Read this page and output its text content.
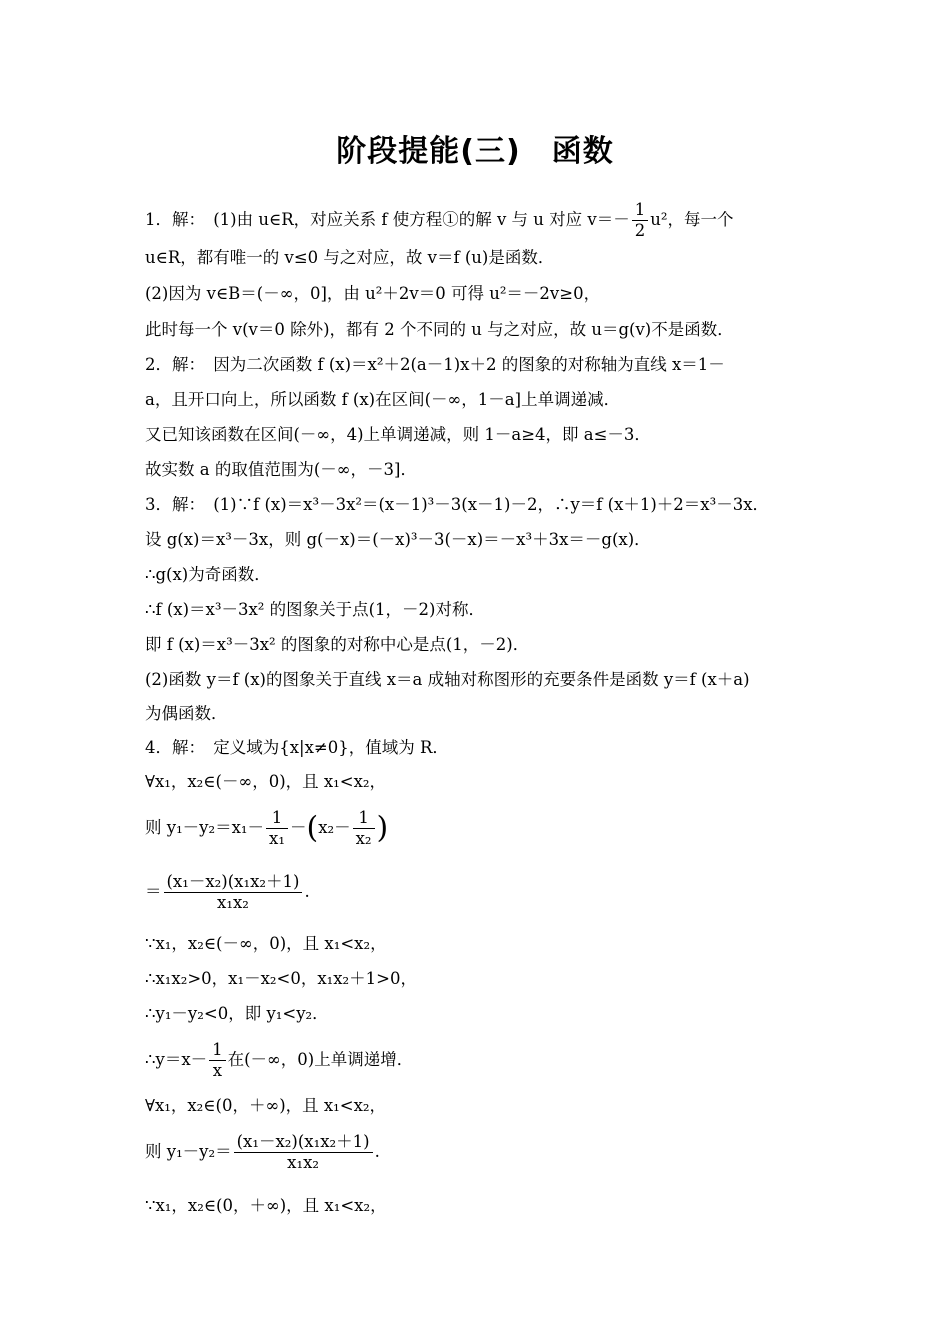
阶段提能(三)　函数
1．解：　(1)由 u∈R，对应关系 f 使方程①的解 v 与 u 对应 $v=- \frac{1}{2} u^2$，每一个
u∈R，都有唯一的 v≤0 与之对应，故 v＝f (u)是函数．
(2)因为 v∈B＝(－∞，0]，由 u²＋2v＝0 可得 u²＝－2v≥0，
此时每一个 v(v＝0 除外)，都有 2 个不同的 u 与之对应，故 u＝g(v)不是函数．
2．解：　因为二次函数 f (x)＝x²＋2(a－1)x＋2 的图象的对称轴为直线 x＝1－
a，且开口向上，所以函数 f (x)在区间(－∞，1－a]上单调递减．
又已知该函数在区间(－∞，4)上单调递减，则 1－a≥4，即 a≤－3．
故实数 a 的取值范围为(－∞，－3]．
3．解：　(1)∵f (x)＝x³－3x²＝(x－1)³－3(x－1)－2，∴y＝f (x＋1)＋2＝x³－3x．
设 g(x)＝x³－3x，则 g(－x)＝(－x)³－3(－x)＝－x³＋3x＝－g(x)．
∴g(x)为奇函数．
∴f (x)＝x³－3x² 的图象关于点(1，－2)对称．
即 f (x)＝x³－3x² 的图象的对称中心是点(1，－2)．
(2)函数 y＝f (x)的图象关于直线 x＝a 成轴对称图形的充要条件是函数 y＝f (x＋a)
为偶函数．
4．解：　定义域为{x|x≠0}，值域为 R．
∀x₁，x₂∈(－∞，0)，且 x₁<x₂，
则 $y_1-y_2=x_1- \frac{1}{\text{x₁}} -(x_2- \frac{1}{\text{x₂}}$ )
＝ $\frac{\text{(x₁－x₂)(x₁x₂＋1)}}{\text{x₁x₂}}$ .
∵x₁，x₂∈(－∞，0)，且 x₁<x₂，
∴x₁x₂>0，x₁－x₂<0，x₁x₂＋1>0，
∴y₁－y₂<0，即 y₁<y₂．
∴y＝x－ $\frac{1}{x}$ 在(－∞，0)上单调递增．
∀x₁，x₂∈(0，＋∞)，且 x₁<x₂，
则 $y_1-y_2= \frac{\text{(x₁－x₂)(x₁x₂＋1)}}{\text{x₁x₂}}$ .
∵x₁，x₂∈(0，＋∞)，且 x₁<x₂，
